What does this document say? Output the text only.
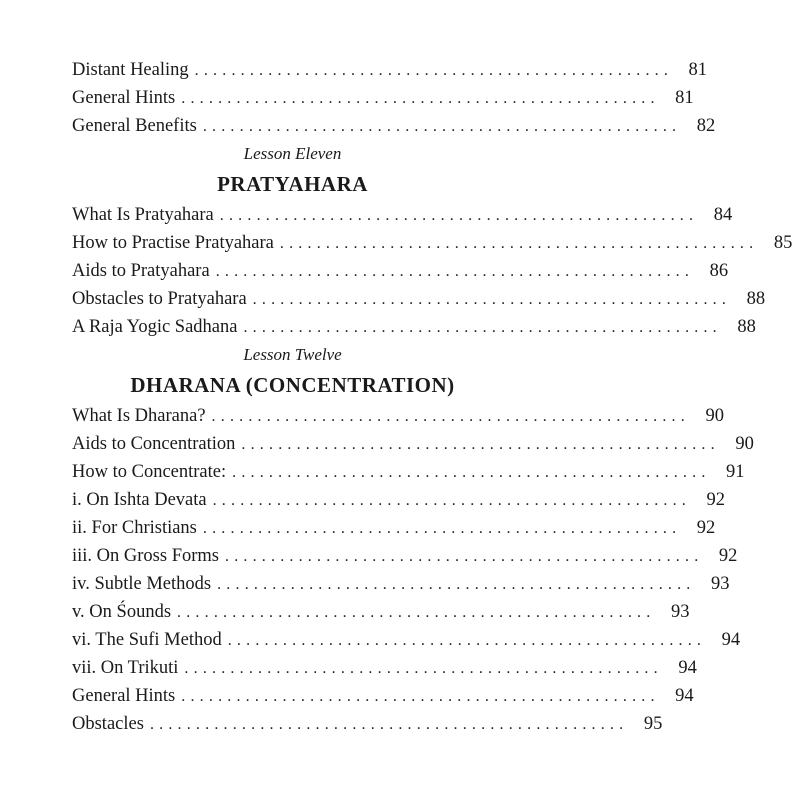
Distant Healing .................................................... 81
General Hints .................................................... 81
General Benefits .................................................... 82
Lesson Eleven
PRATYAHARA
What Is Pratyahara .................................................... 84
How to Practise Pratyahara .................................................... 85
Aids to Pratyahara .................................................... 86
Obstacles to Pratyahara .................................................... 88
A Raja Yogic Sadhana .................................................... 88
Lesson Twelve
DHARANA (CONCENTRATION)
What Is Dharana? .................................................... 90
Aids to Concentration .................................................... 90
How to Concentrate: .................................................... 91
i. On Ishta Devata .................................................... 92
ii. For Christians .................................................... 92
iii. On Gross Forms .................................................... 92
iv. Subtle Methods .................................................... 93
v. On Śounds .................................................... 93
vi. The Sufi Method .................................................... 94
vii. On Trikuti .................................................... 94
General Hints .................................................... 94
Obstacles .................................................... 95
